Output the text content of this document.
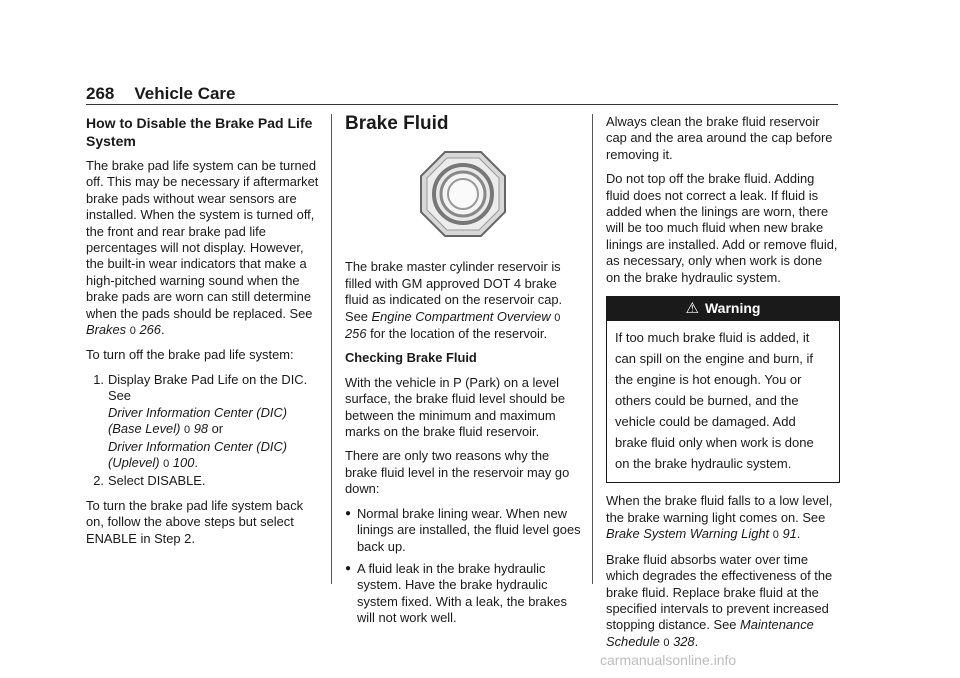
268 Vehicle Care
How to Disable the Brake Pad Life System

The brake pad life system can be turned off. This may be necessary if aftermarket brake pads without wear sensors are installed. When the system is turned off, the front and rear brake pad life percentages will not display. However, the built-in wear indicators that make a high-pitched warning sound when the brake pads are worn can still determine when the pads should be replaced. See Brakes 0 266.

To turn off the brake pad life system:

1. Display Brake Pad Life on the DIC. See
Driver Information Center (DIC) (Base Level) 0 98 or
Driver Information Center (DIC) (Uplevel) 0 100.
2. Select DISABLE.

To turn the brake pad life system back on, follow the above steps but select ENABLE in Step 2.

Brake Fluid

The brake master cylinder reservoir is filled with GM approved DOT 4 brake fluid as indicated on the reservoir cap. See Engine Compartment Overview 0 256 for the location of the reservoir.

Checking Brake Fluid

With the vehicle in P (Park) on a level surface, the brake fluid level should be between the minimum and maximum marks on the brake fluid reservoir.

There are only two reasons why the brake fluid level in the reservoir may go down:

● Normal brake lining wear. When new linings are installed, the fluid level goes back up.
● A fluid leak in the brake hydraulic system. Have the brake hydraulic system fixed. With a leak, the brakes will not work well.

Always clean the brake fluid reservoir cap and the area around the cap before removing it.

Do not top off the brake fluid. Adding fluid does not correct a leak. If fluid is added when the linings are worn, there will be too much fluid when new brake linings are installed. Add or remove fluid, as necessary, only when work is done on the brake hydraulic system.

⚠ Warning
If too much brake fluid is added, it can spill on the engine and burn, if the engine is hot enough. You or others could be burned, and the vehicle could be damaged. Add brake fluid only when work is done on the brake hydraulic system.

When the brake fluid falls to a low level, the brake warning light comes on. See Brake System Warning Light 0 91.

Brake fluid absorbs water over time which degrades the effectiveness of the brake fluid. Replace brake fluid at the specified intervals to prevent increased stopping distance. See Maintenance Schedule 0 328.

carmanualsonline.info
